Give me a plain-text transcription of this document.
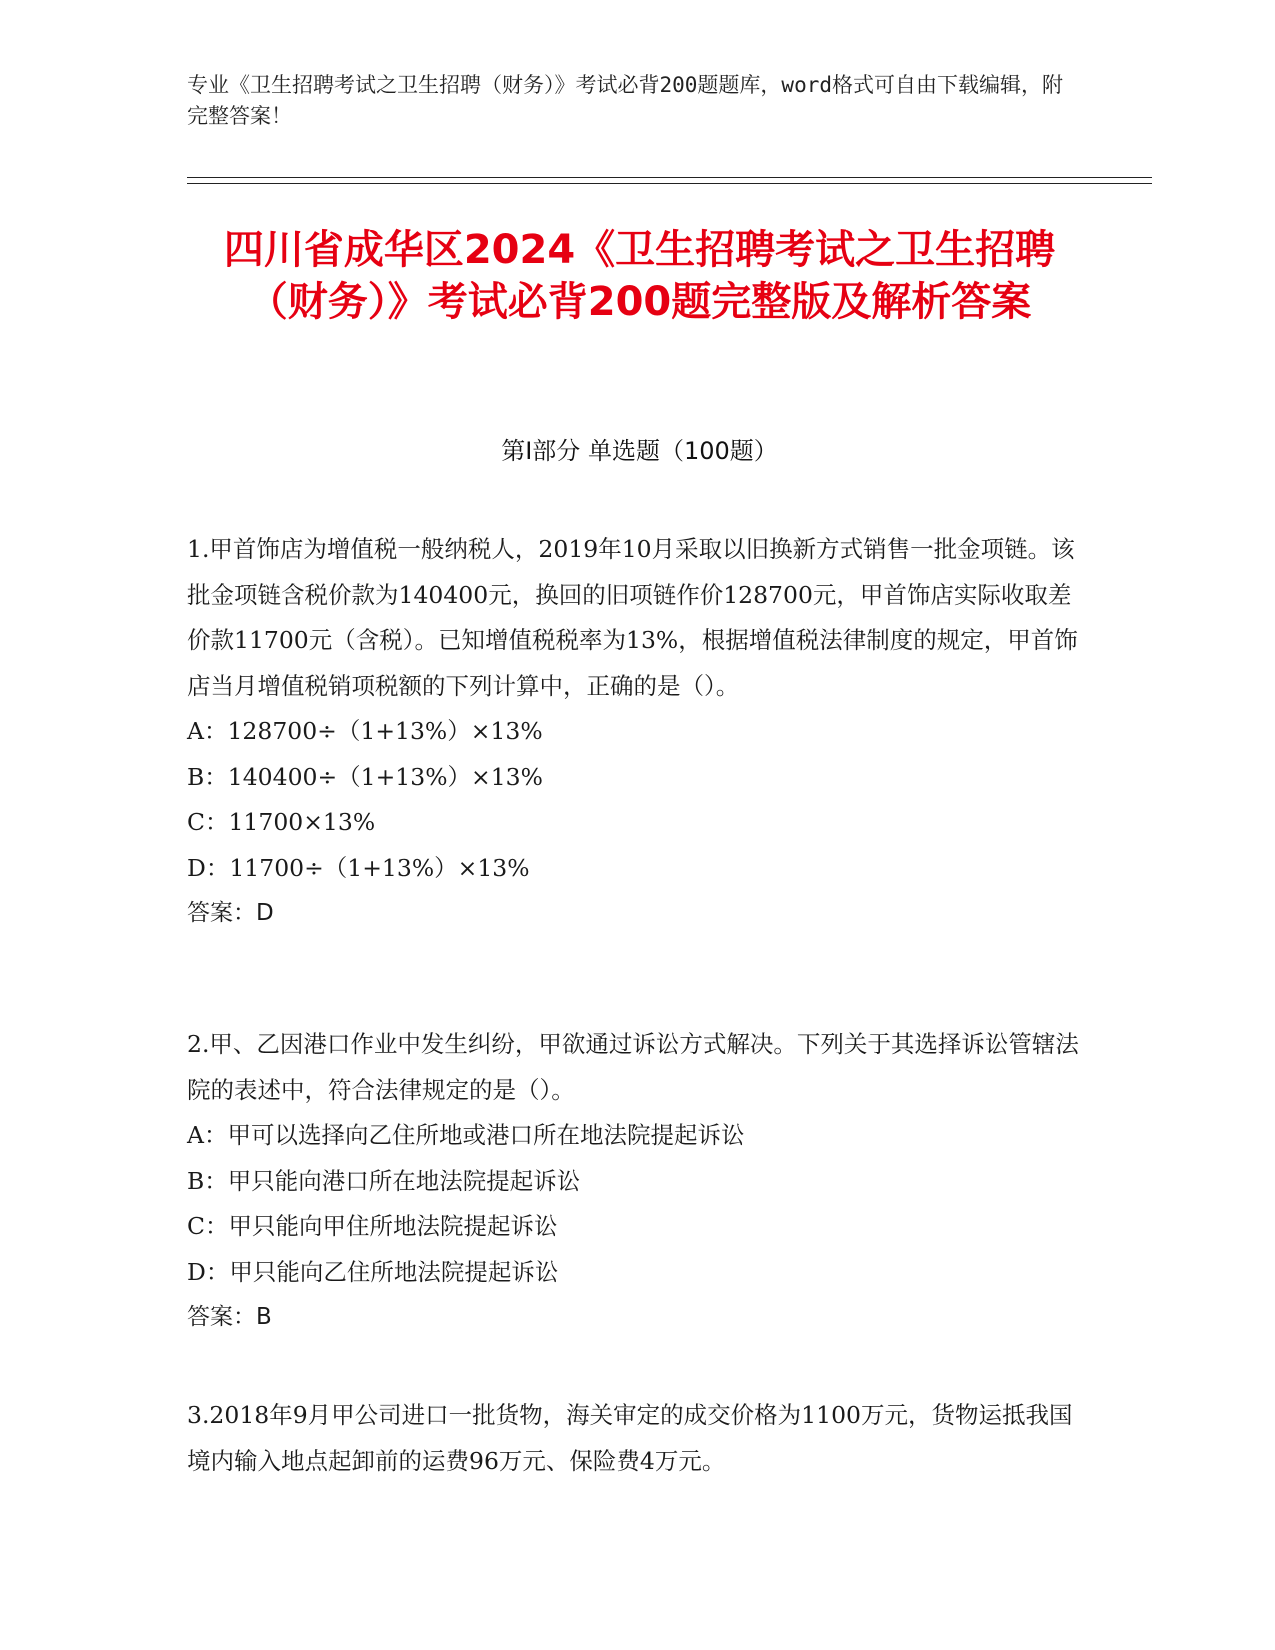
专业《卫生招聘考试之卫生招聘（财务）》考试必背200题题库，word格式可自由下载编辑，附完整答案！
四川省成华区2024《卫生招聘考试之卫生招聘（财务）》考试必背200题完整版及解析答案
第I部分 单选题（100题）
1.甲首饰店为增值税一般纳税人，2019年10月采取以旧换新方式销售一批金项链。该批金项链含税价款为140400元，换回的旧项链作价128700元，甲首饰店实际收取差价款11700元（含税）。已知增值税税率为13%，根据增值税法律制度的规定，甲首饰店当月增值税销项税额的下列计算中，正确的是（）。
A：128700÷（1+13%）×13%
B：140400÷（1+13%）×13%
C：11700×13%
D：11700÷（1+13%）×13%
答案：D
2.甲、乙因港口作业中发生纠纷，甲欲通过诉讼方式解决。下列关于其选择诉讼管辖法院的表述中，符合法律规定的是（）。
A：甲可以选择向乙住所地或港口所在地法院提起诉讼
B：甲只能向港口所在地法院提起诉讼
C：甲只能向甲住所地法院提起诉讼
D：甲只能向乙住所地法院提起诉讼
答案：B
3.2018年9月甲公司进口一批货物，海关审定的成交价格为1100万元，货物运抵我国境内输入地点起卸前的运费96万元、保险费4万元。
